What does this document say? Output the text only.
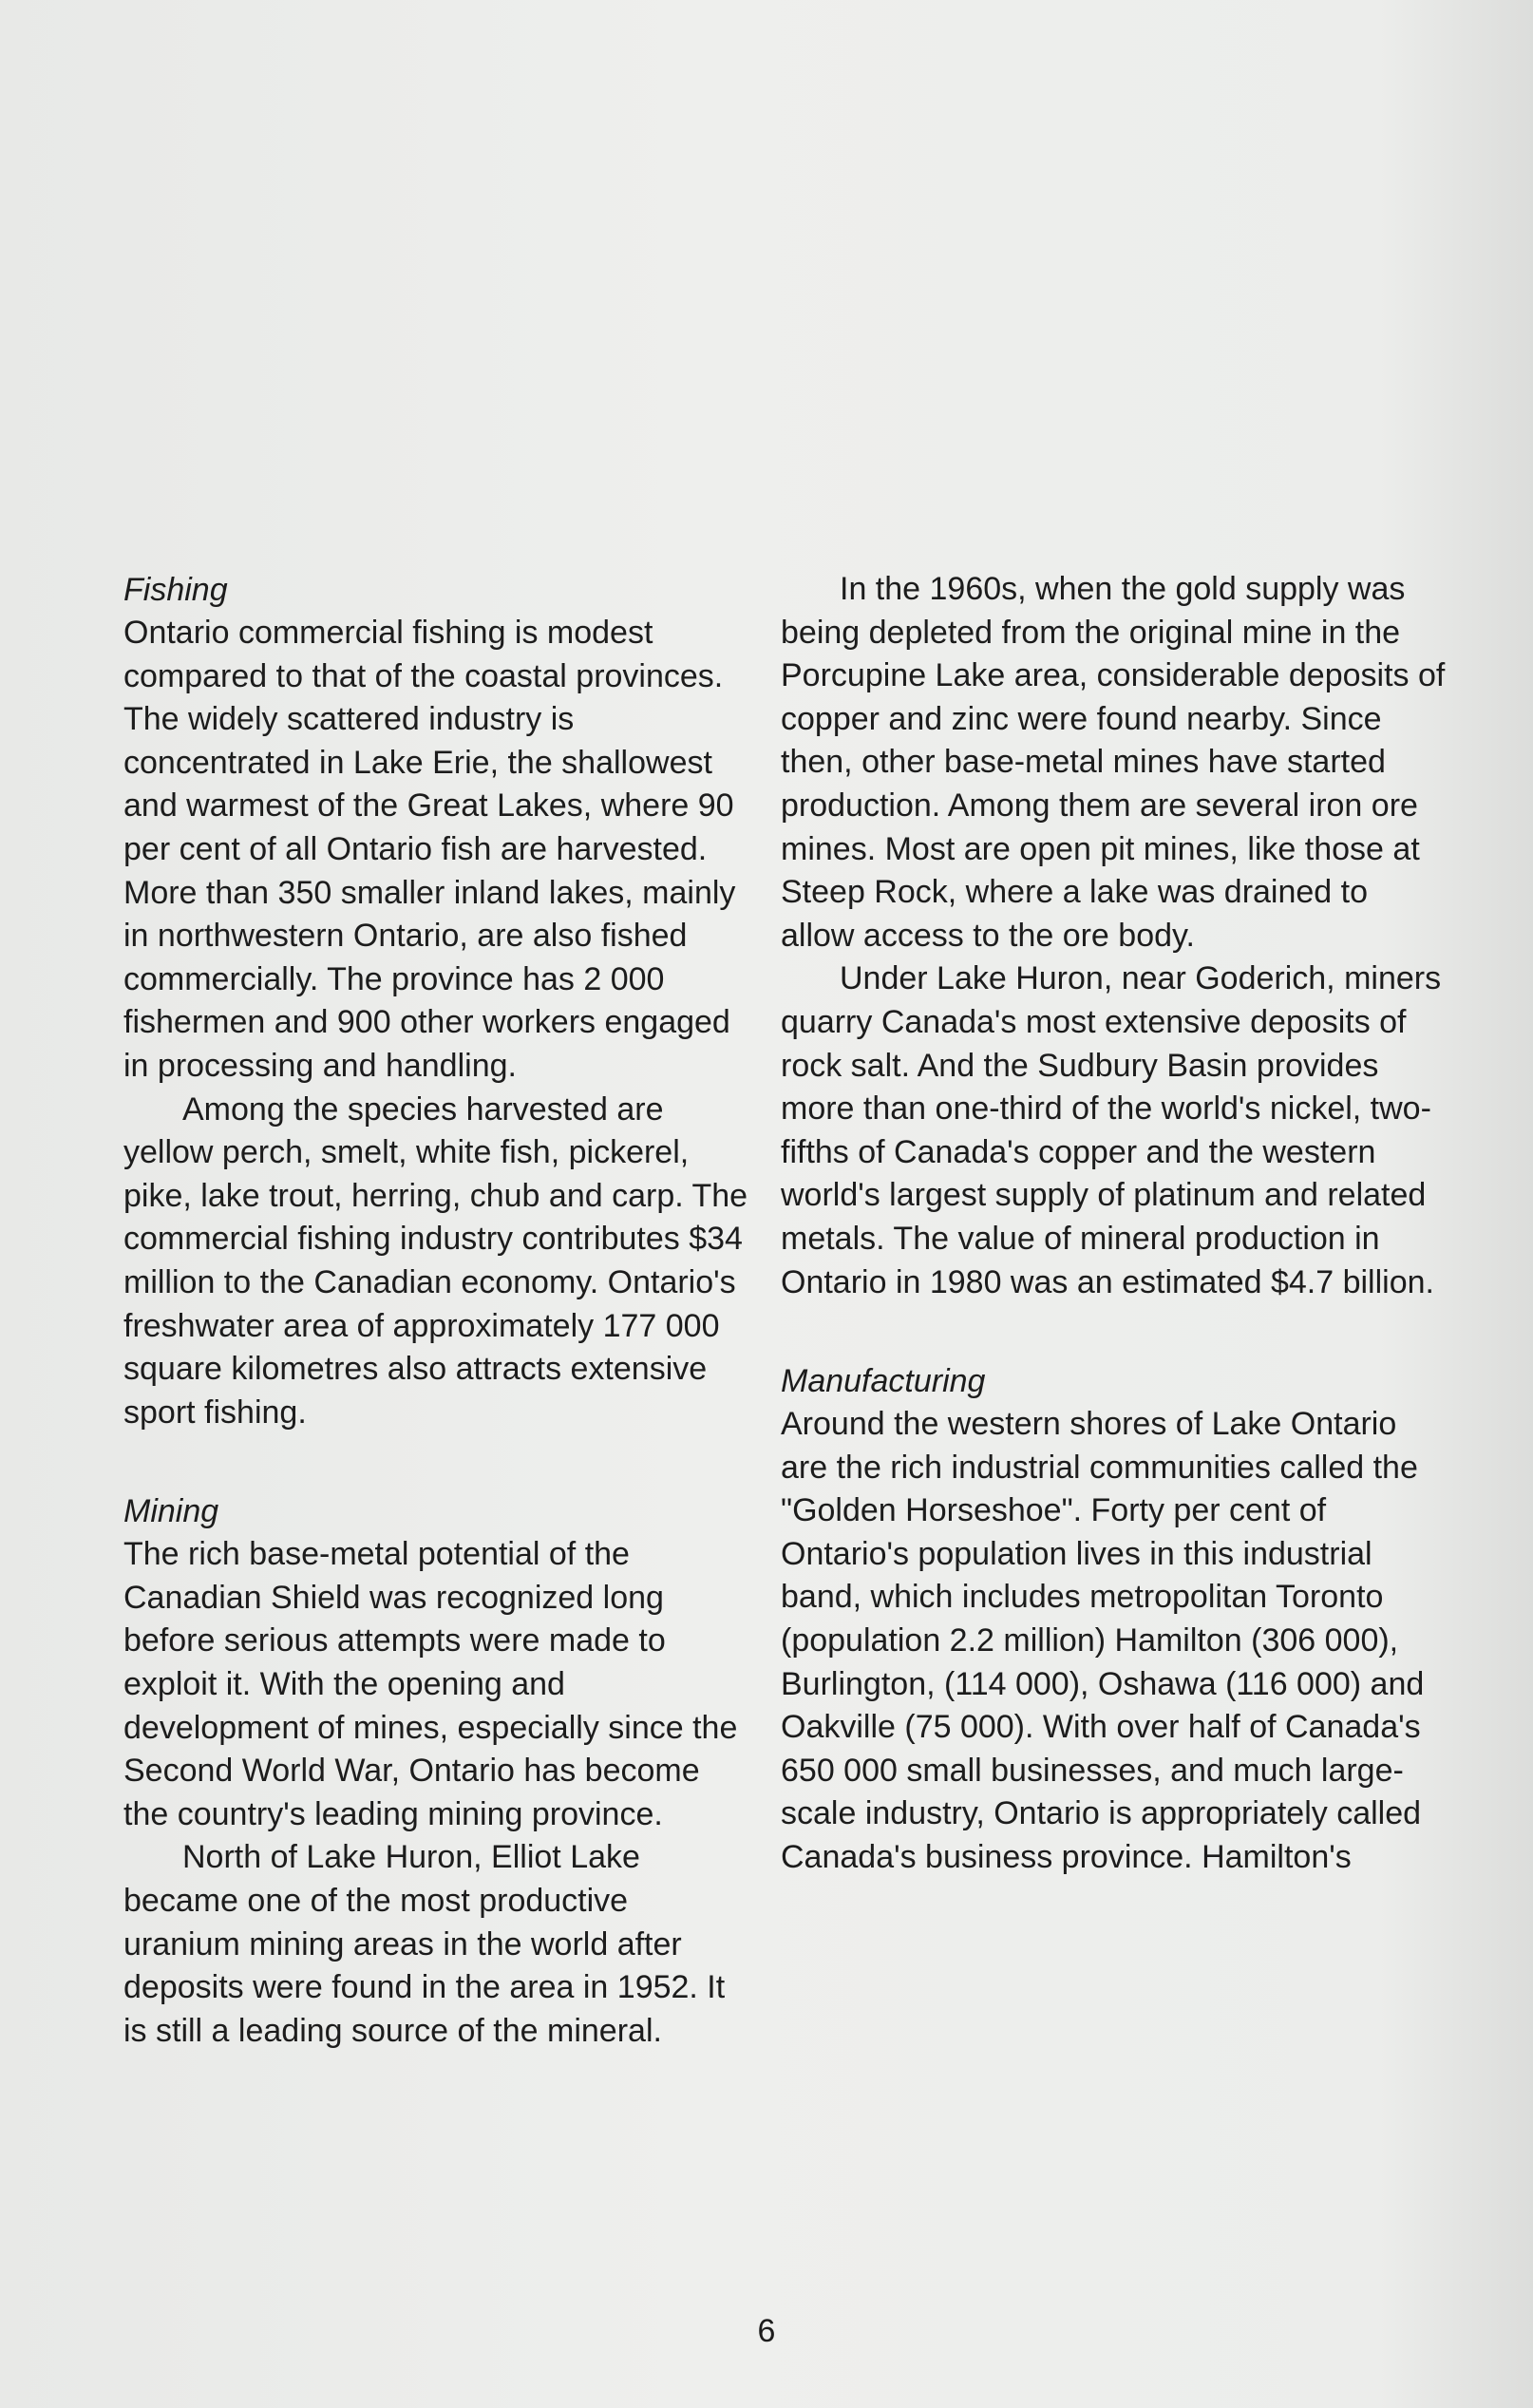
Fishing

Ontario commercial fishing is modest compared to that of the coastal provinces. The widely scattered industry is concentrated in Lake Erie, the shallowest and warmest of the Great Lakes, where 90 per cent of all Ontario fish are harvested. More than 350 smaller inland lakes, mainly in northwestern Ontario, are also fished commercially. The province has 2 000 fishermen and 900 other workers engaged in processing and handling.

Among the species harvested are yellow perch, smelt, white fish, pickerel, pike, lake trout, herring, chub and carp. The commercial fishing industry contributes $34 million to the Canadian economy. Ontario's freshwater area of approximately 177 000 square kilometres also attracts extensive sport fishing.

Mining

The rich base-metal potential of the Canadian Shield was recognized long before serious attempts were made to exploit it. With the opening and development of mines, especially since the Second World War, Ontario has become the country's leading mining province.

North of Lake Huron, Elliot Lake became one of the most productive uranium mining areas in the world after deposits were found in the area in 1952. It is still a leading source of the mineral.

In the 1960s, when the gold supply was being depleted from the original mine in the Porcupine Lake area, considerable deposits of copper and zinc were found nearby. Since then, other base-metal mines have started production. Among them are several iron ore mines. Most are open pit mines, like those at Steep Rock, where a lake was drained to allow access to the ore body.

Under Lake Huron, near Goderich, miners quarry Canada's most extensive deposits of rock salt. And the Sudbury Basin provides more than one-third of the world's nickel, two-fifths of Canada's copper and the western world's largest supply of platinum and related metals. The value of mineral production in Ontario in 1980 was an estimated $4.7 billion.

Manufacturing

Around the western shores of Lake Ontario are the rich industrial communities called the "Golden Horseshoe". Forty per cent of Ontario's population lives in this industrial band, which includes metropolitan Toronto (population 2.2 million) Hamilton (306 000), Burlington, (114 000), Oshawa (116 000) and Oakville (75 000). With over half of Canada's 650 000 small businesses, and much large-scale industry, Ontario is appropriately called Canada's business province. Hamilton's

6
